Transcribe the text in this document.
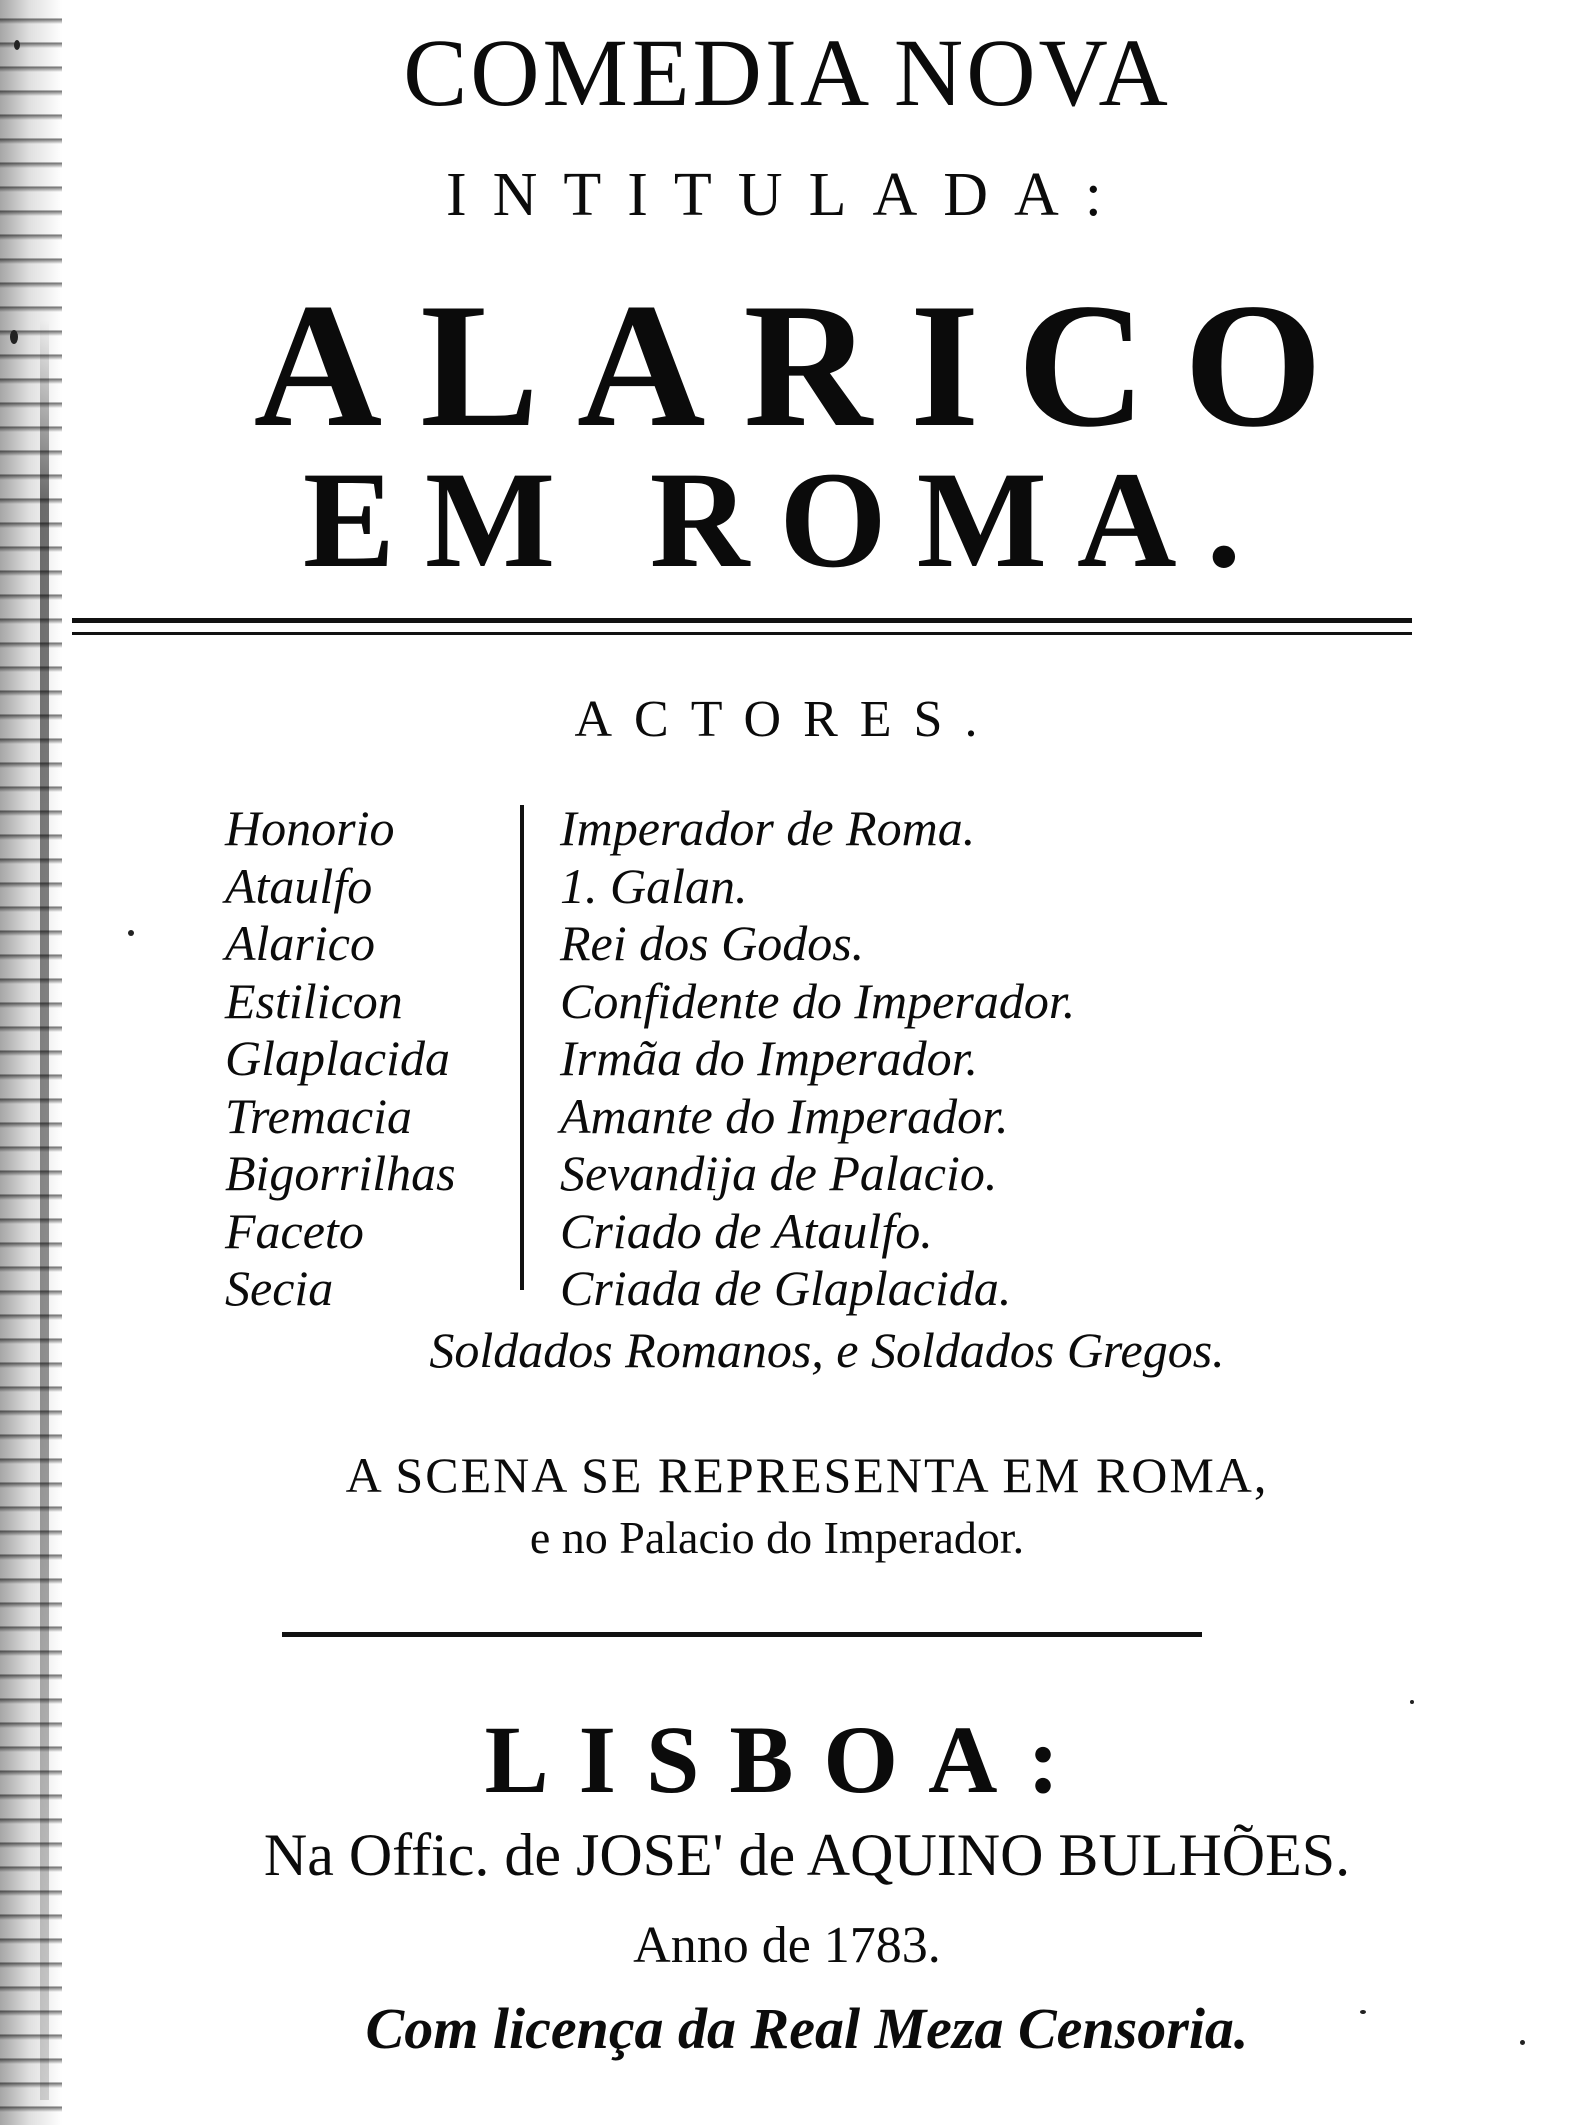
COMEDIA NOVA
INTITULADA:
ALARICO
EM ROMA.
ACTORES.
Honorio
Ataulfo
Alarico
Estilicon
Glaplacida
Tremacia
Bigorrilhas
Faceto
Secia
Imperador de Roma.
1. Galan.
Rei dos Godos.
Confidente do Imperador.
Irmãa do Imperador.
Amante do Imperador.
Sevandija de Palacio.
Criado de Ataulfo.
Criada de Glaplacida.
Soldados Romanos, e Soldados Gregos.
A SCENA SE REPRESENTA EM ROMA,
e no Palacio do Imperador.
LISBOA:
Na Offic. de JOSE' de AQUINO BULHÕES.
Anno de 1783.
Com licença da Real Meza Censoria.
